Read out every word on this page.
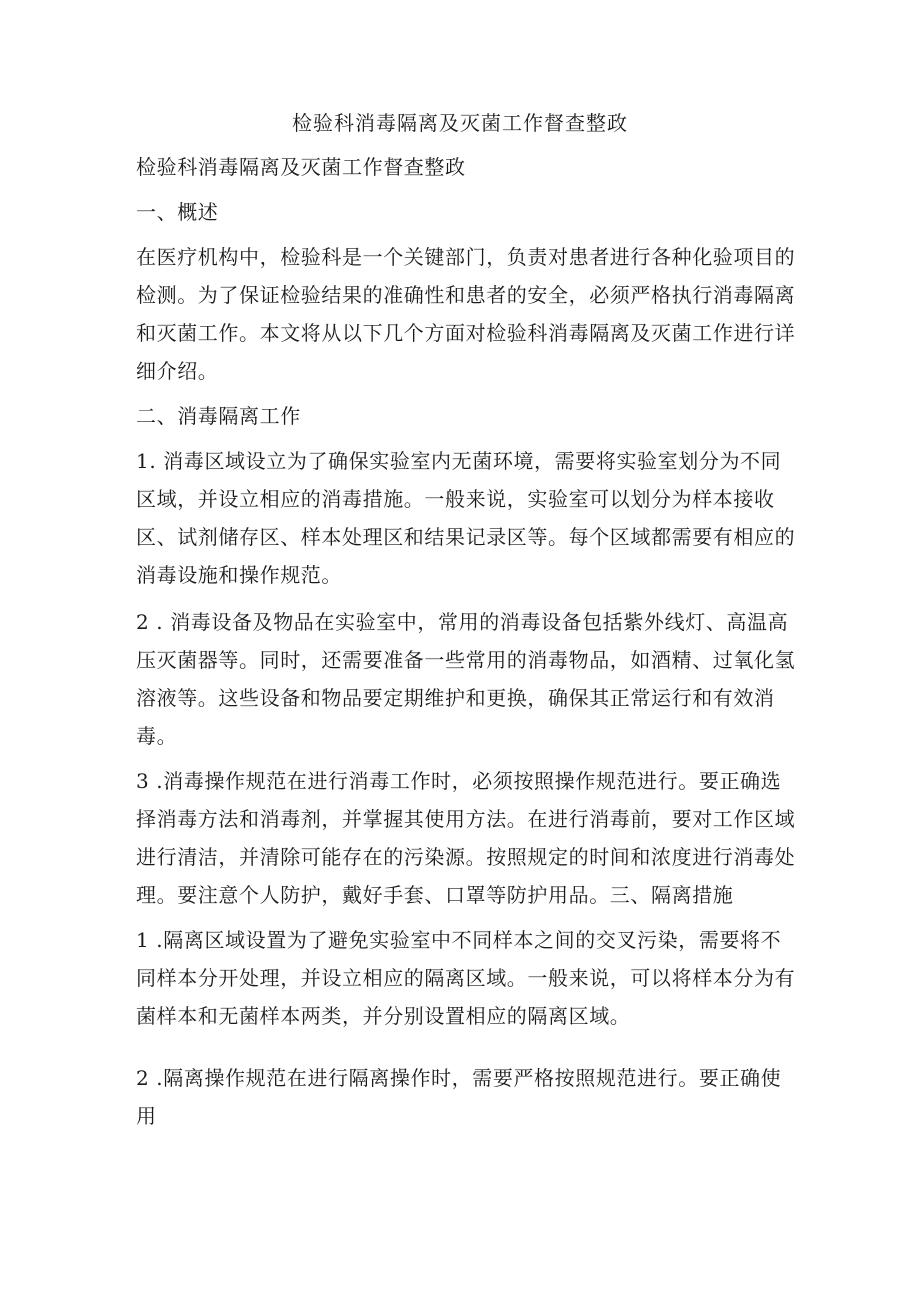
检验科消毒隔离及灭菌工作督查整政

检验科消毒隔离及灭菌工作督查整政

一、概述

在医疗机构中，检验科是一个关键部门，负责对患者进行各种化验项目的检测。为了保证检验结果的准确性和患者的安全，必须严格执行消毒隔离和灭菌工作。本文将从以下几个方面对检验科消毒隔离及灭菌工作进行详细介绍。

二、消毒隔离工作

1. 消毒区域设立为了确保实验室内无菌环境，需要将实验室划分为不同区域，并设立相应的消毒措施。一般来说，实验室可以划分为样本接收区、试剂储存区、样本处理区和结果记录区等。每个区域都需要有相应的消毒设施和操作规范。

2 . 消毒设备及物品在实验室中，常用的消毒设备包括紫外线灯、高温高压灭菌器等。同时，还需要准备一些常用的消毒物品，如酒精、过氧化氢溶液等。这些设备和物品要定期维护和更换，确保其正常运行和有效消毒。

3 .消毒操作规范在进行消毒工作时，必须按照操作规范进行。要正确选择消毒方法和消毒剂，并掌握其使用方法。在进行消毒前，要对工作区域进行清洁，并清除可能存在的污染源。按照规定的时间和浓度进行消毒处理。要注意个人防护，戴好手套、口罩等防护用品。三、隔离措施

1 .隔离区域设置为了避免实验室中不同样本之间的交叉污染，需要将不同样本分开处理，并设立相应的隔离区域。一般来说，可以将样本分为有菌样本和无菌样本两类，并分别设置相应的隔离区域。

2 .隔离操作规范在进行隔离操作时，需要严格按照规范进行。要正确使用
